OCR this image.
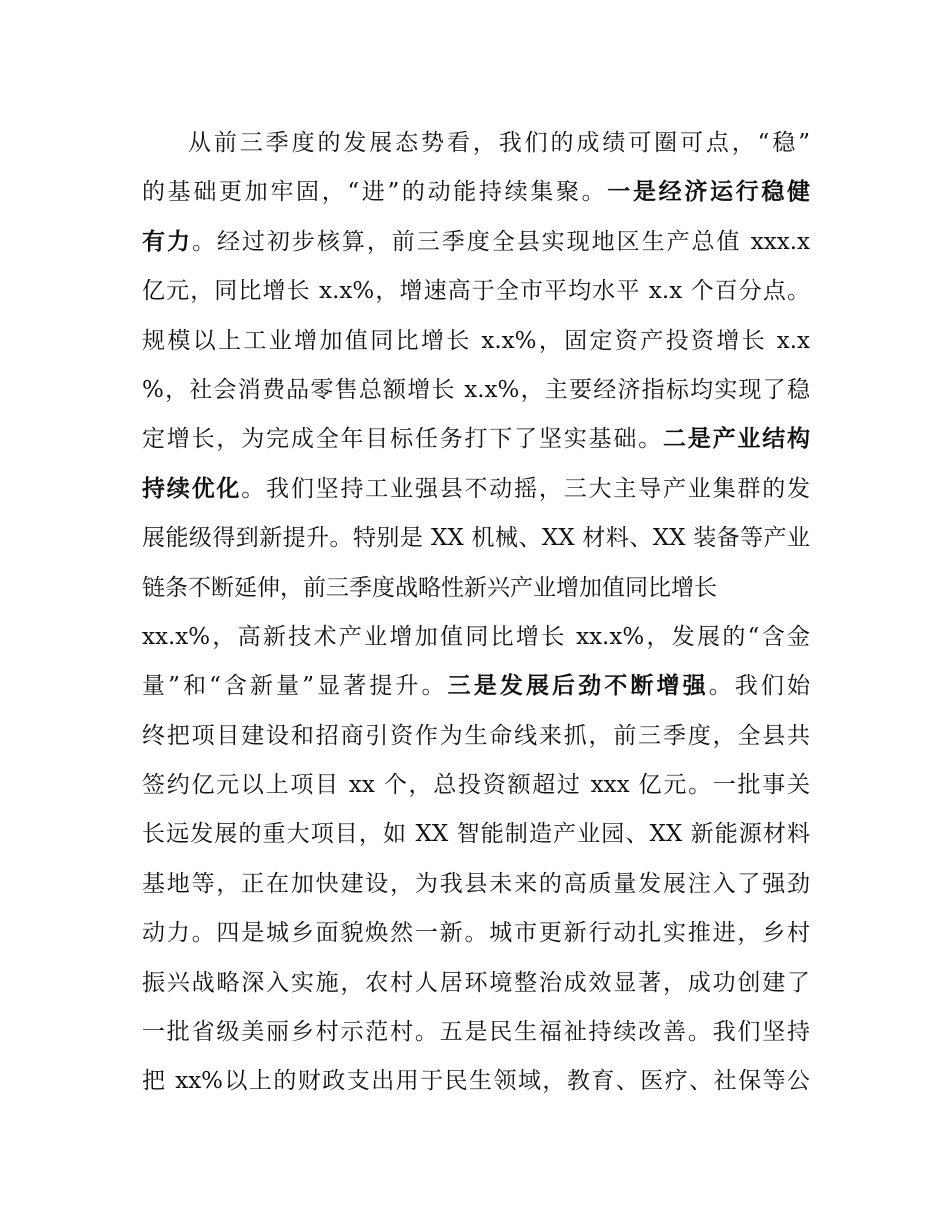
从前三季度的发展态势看，我们的成绩可圈可点，“稳”
的基础更加牢固，“进”的动能持续集聚。一是经济运行稳健
有力。经过初步核算，前三季度全县实现地区生产总值 xxx.x
亿元，同比增长 x.x%，增速高于全市平均水平 x.x 个百分点。
规模以上工业增加值同比增长 x.x%，固定资产投资增长 x.x
%，社会消费品零售总额增长 x.x%，主要经济指标均实现了稳
定增长，为完成全年目标任务打下了坚实基础。二是产业结构
持续优化。我们坚持工业强县不动摇，三大主导产业集群的发
展能级得到新提升。特别是 XX 机械、XX 材料、XX 装备等产业
链条不断延伸，前三季度战略性新兴产业增加值同比增长
xx.x%，高新技术产业增加值同比增长 xx.x%，发展的“含金
量”和“含新量”显著提升。三是发展后劲不断增强。我们始
终把项目建设和招商引资作为生命线来抓，前三季度，全县共
签约亿元以上项目 xx 个，总投资额超过 xxx 亿元。一批事关
长远发展的重大项目，如 XX 智能制造产业园、XX 新能源材料
基地等，正在加快建设，为我县未来的高质量发展注入了强劲
动力。四是城乡面貌焕然一新。城市更新行动扎实推进，乡村
振兴战略深入实施，农村人居环境整治成效显著，成功创建了
一批省级美丽乡村示范村。五是民生福祉持续改善。我们坚持
把 xx%以上的财政支出用于民生领域，教育、医疗、社保等公
